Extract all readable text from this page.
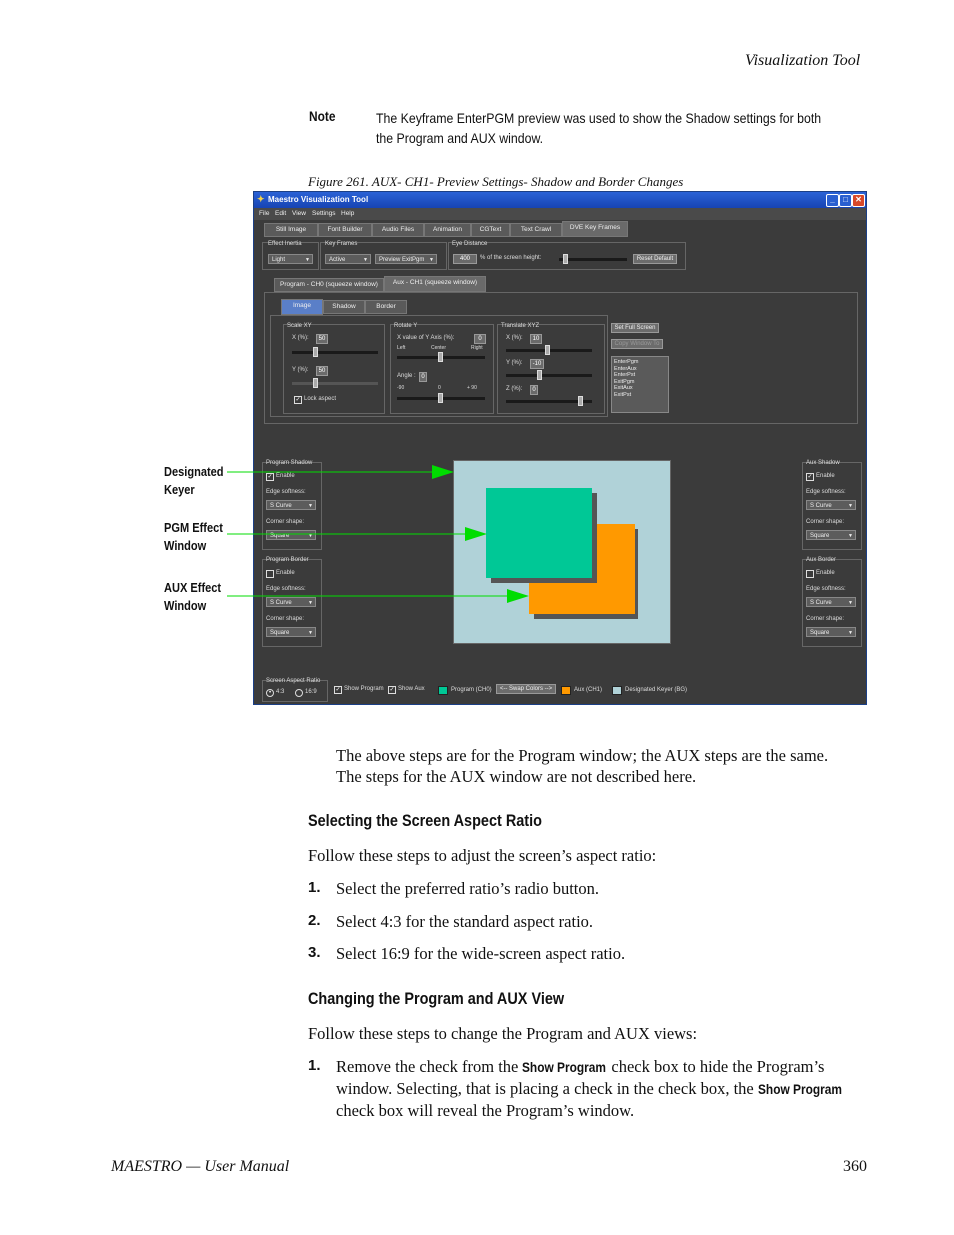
Visualization Tool
Note	The Keyframe EnterPGM preview was used to show the Shadow settings for both the Program and AUX window.
Figure 261. AUX- CH1- Preview Settings- Shadow and Border Changes
Designated
Keyer
PGM Effect
Window
AUX Effect
Window
✦ Maestro Visualization Tool	_	□ ✕
File Edit View Settings Help
Still Image	Font Builder	Audio Files	Animation	CGText	Text Crawl	DVE Key Frames
Effect Inertia
Light ▼
Key Frames
Active ▼	Preview ExitPgm ▼
Eye Distance
400	% of the screen height:	Reset Default
Program - CH0 (squeeze window)	Aux - CH1 (squeeze window)
Image	Shadow	Border
Scale XY
X (%):	50
Y (%):	50
✓ Lock aspect
Rotate Y
X value of Y Axis (%):	0
Left	Center	Right
Angle : 0
-90	0	+ 90
Translate XYZ
X (%):	10
Y (%):	-10
Z (%):	0
Set Full Screen
Copy Window To
EnterPgm
EnterAux
EnterPst
ExitPgm
ExitAux
ExitPst
Program Shadow
✓ Enable
Edge softness:
S Curve ▼
Corner shape:
Square ▼
Program Border
Enable
Edge softness:
S Curve ▼
Corner shape:
Square ▼
Aux Shadow
✓ Enable
Edge softness:
S Curve ▼
Corner shape:
Square ▼
Aux Border
Enable
Edge softness:
S Curve ▼
Corner shape:
Square ▼
Screen Aspect Ratio
• 4:3	16:9	✓ Show Program ✓ Show Aux	Program (CH0)	<-- Swap Colors -->	Aux (CH1)	Designated Keyer (BG)
The above steps are for the Program window; the AUX steps are the same. The steps for the AUX window are not described here.
Selecting the Screen Aspect Ratio
Follow these steps to adjust the screen’s aspect ratio:
1. Select the preferred ratio’s radio button.
2. Select 4:3 for the standard aspect ratio.
3. Select 16:9 for the wide-screen aspect ratio.
Changing the Program and AUX View
Follow these steps to change the Program and AUX views:
1. Remove the check from the Show Program check box to hide the Program’s window. Selecting, that is placing a check in the check box, the Show Program check box will reveal the Program’s window.
MAESTRO — User Manual	360
